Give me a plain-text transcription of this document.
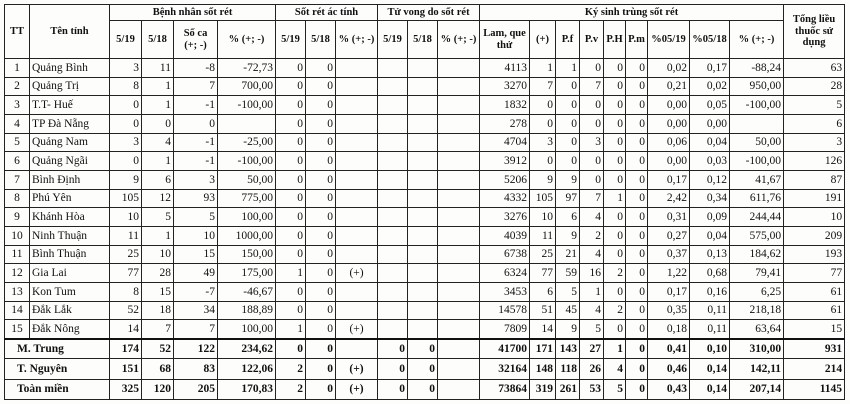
TT	Tên tỉnh	Bệnh nhân sốt rét				Sốt rét ác tính			Tử vong do sốt rét			Ký sinh trùng sốt rét									Tổng liều thuốc sử dụng
		5/19	5/18	Số ca (+; -)	% (+; -)	5/19	5/18	% (+; -)	5/19	5/18	% (+; -)	Lam, que thử	(+)	P.f	P.v	P.H	P.m	%05/19	%05/18	% (+; -)	
1	Quảng Bình	3	11	-8	-72,73	0	0					4113	1	1	0	0	0	0,02	0,17	-88,24	63
2	Quảng Trị	8	1	7	700,00	0	0					3270	7	0	7	0	0	0,21	0,02	950,00	28
3	T.T- Huế	0	1	-1	-100,00	0	0					1832	0	0	0	0	0	0,00	0,05	-100,00	5
4	TP Đà Nẵng	0	0	0		0	0					278	0	0	0	0	0	0,00	0,00		6
5	Quảng Nam	3	4	-1	-25,00	0	0					4704	3	0	3	0	0	0,06	0,04	50,00	3
6	Quảng Ngãi	0	1	-1	-100,00	0	0					3912	0	0	0	0	0	0,00	0,03	-100,00	126
7	Bình Định	9	6	3	50,00	0	0					5206	9	9	0	0	0	0,17	0,12	41,67	87
8	Phú Yên	105	12	93	775,00	0	0					4332	105	97	7	1	0	2,42	0,34	611,76	191
9	Khánh Hòa	10	5	5	100,00	0	0					3276	10	6	4	0	0	0,31	0,09	244,44	10
10	Ninh Thuận	11	1	10	1000,00	0	0					4039	11	9	2	0	0	0,27	0,04	575,00	209
11	Bình Thuận	25	10	15	150,00	0	0					6738	25	21	4	0	0	0,37	0,13	184,62	193
12	Gia Lai	77	28	49	175,00	1	0	(+)				6324	77	59	16	2	0	1,22	0,68	79,41	77
13	Kon Tum	8	15	-7	-46,67	0	0					3453	6	5	1	0	0	0,17	0,16	6,25	61
14	Đắk Lắk	52	18	34	188,89	0	0					14578	51	45	4	2	0	0,35	0,11	218,18	61
15	Đắk Nông	14	7	7	100,00	1	0	(+)				7809	14	9	5	0	0	0,18	0,11	63,64	15
M. Trung		174	52	122	234,62	0	0		0	0		41700	171	143	27	1	0	0,41	0,10	310,00	931
T. Nguyên		151	68	83	122,06	2	0	(+)	0	0		32164	148	118	26	4	0	0,46	0,14	142,11	214
Toàn miền		325	120	205	170,83	2	0	(+)	0	0		73864	319	261	53	5	0	0,43	0,14	207,14	1145
